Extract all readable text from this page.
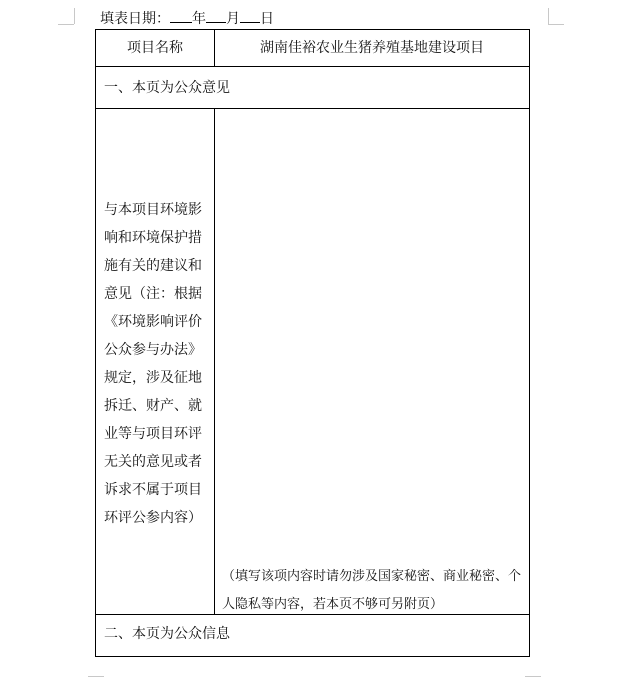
填表日期： 年 月 日
项目名称	湖南佳裕农业生猪养殖基地建设项目
一、本页为公众意见
与本项目环境影响和环境保护措施有关的建议和意见（注：根据《环境影响评价公众参与办法》规定，涉及征地拆迁、财产、就业等与项目环评无关的意见或者诉求不属于项目环评公参内容）
（填写该项内容时请勿涉及国家秘密、商业秘密、个人隐私等内容，若本页不够可另附页）
二、本页为公众信息
